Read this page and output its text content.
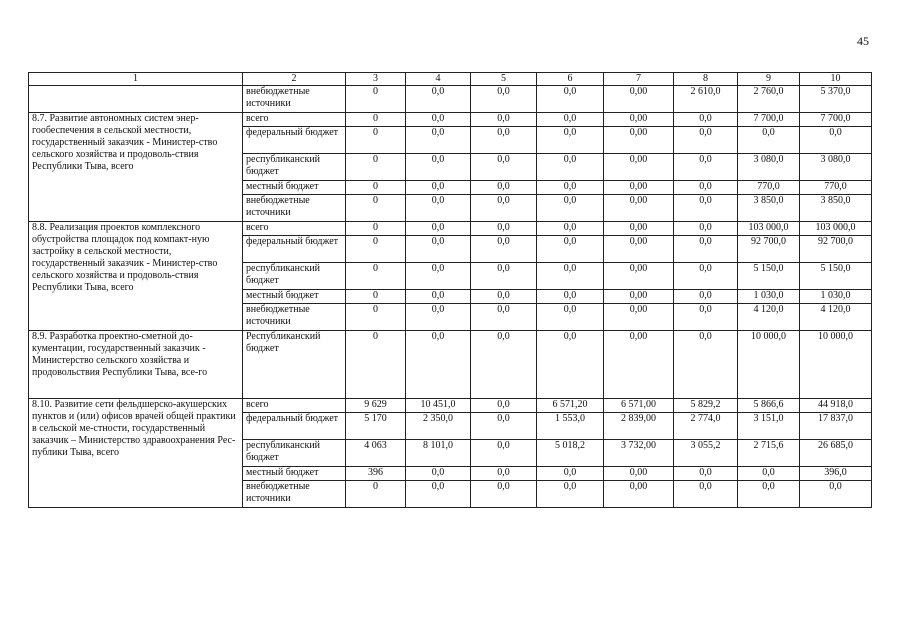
45
1	2	3	4	5	6	7	8	9	10
	внебюджетные источники	0	0,0	0,0	0,0	0,00	2 610,0	2 760,0	5 370,0
8.7. Развитие автономных систем энер-гообеспечения в сельской местности, государственный заказчик - Министер-ство сельского хозяйства и продоволь-ствия Республики Тыва, всего	всего	0	0,0	0,0	0,0	0,00	0,0	7 700,0	7 700,0
	федеральный бюджет	0	0,0	0,0	0,0	0,00	0,0	0,0	0,0
	республиканский бюджет	0	0,0	0,0	0,0	0,00	0,0	3 080,0	3 080,0
	местный бюджет	0	0,0	0,0	0,0	0,00	0,0	770,0	770,0
	внебюджетные источники	0	0,0	0,0	0,0	0,00	0,0	3 850,0	3 850,0
8.8. Реализация проектов комплексного обустройства площадок под компакт-ную застройку в сельской местности, государственный заказчик - Министер-ство сельского хозяйства и продоволь-ствия Республики Тыва, всего	всего	0	0,0	0,0	0,0	0,00	0,0	103 000,0	103 000,0
	федеральный бюджет	0	0,0	0,0	0,0	0,00	0,0	92 700,0	92 700,0
	республиканский бюджет	0	0,0	0,0	0,0	0,00	0,0	5 150,0	5 150,0
	местный бюджет	0	0,0	0,0	0,0	0,00	0,0	1 030,0	1 030,0
	внебюджетные источники	0	0,0	0,0	0,0	0,00	0,0	4 120,0	4 120,0
8.9. Разработка проектно-сметной до-кументации, государственный заказчик - Министерство сельского хозяйства и продовольствия Республики Тыва, все-го	Республиканский бюджет	0	0,0	0,0	0,0	0,00	0,0	10 000,0	10 000,0
8.10. Развитие сети фельдшерско-акушерских пунктов и (или) офисов врачей общей практики в сельской ме-стности, государственный заказчик – Министерство здравоохранения Рес-публики Тыва, всего	всего	9 629	10 451,0	0,0	6 571,20	6 571,00	5 829,2	5 866,6	44 918,0
	федеральный бюджет	5 170	2 350,0	0,0	1 553,0	2 839,00	2 774,0	3 151,0	17 837,0
	республиканский бюджет	4 063	8 101,0	0,0	5 018,2	3 732,00	3 055,2	2 715,6	26 685,0
	местный бюджет	396	0,0	0,0	0,0	0,00	0,0	0,0	396,0
	внебюджетные источники	0	0,0	0,0	0,0	0,00	0,0	0,0	0,0
